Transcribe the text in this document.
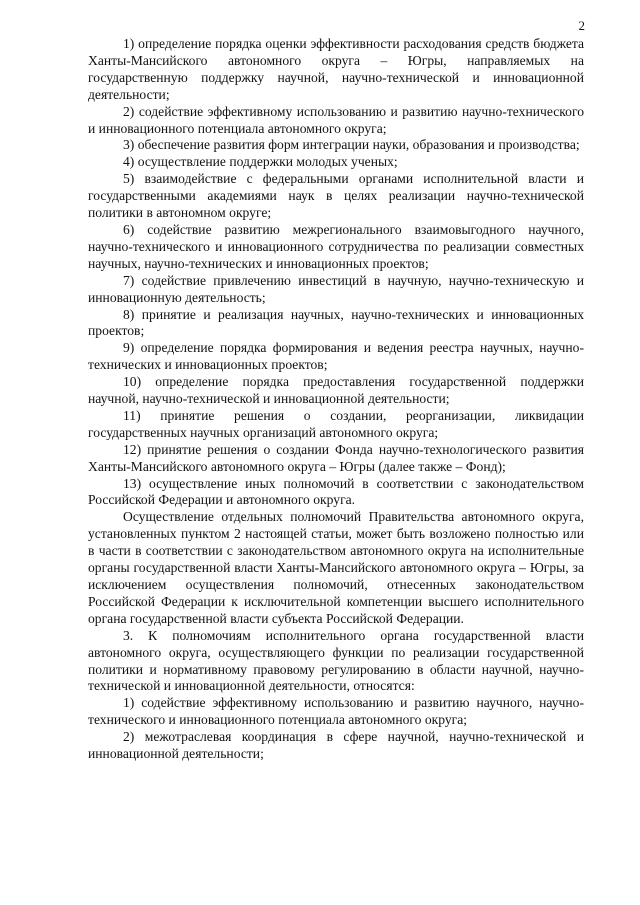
2

1) определение порядка оценки эффективности расходования средств бюджета Ханты-Мансийского автономного округа – Югры, направляемых на государственную поддержку научной, научно-технической и инновационной деятельности;

2) содействие эффективному использованию и развитию научно-технического и инновационного потенциала автономного округа;

3) обеспечение развития форм интеграции науки, образования и производства;

4) осуществление поддержки молодых ученых;

5) взаимодействие с федеральными органами исполнительной власти и государственными академиями наук в целях реализации научно-технической политики в автономном округе;

6) содействие развитию межрегионального взаимовыгодного научного, научно-технического и инновационного сотрудничества по реализации совместных научных, научно-технических и инновационных проектов;

7) содействие привлечению инвестиций в научную, научно-техническую и инновационную деятельность;

8) принятие и реализация научных, научно-технических и инновационных проектов;

9) определение порядка формирования и ведения реестра научных, научно-технических и инновационных проектов;

10) определение порядка предоставления государственной поддержки научной, научно-технической и инновационной деятельности;

11) принятие решения о создании, реорганизации, ликвидации государственных научных организаций автономного округа;

12) принятие решения о создании Фонда научно-технологического развития Ханты-Мансийского автономного округа – Югры (далее также – Фонд);

13) осуществление иных полномочий в соответствии с законодательством Российской Федерации и автономного округа.

Осуществление отдельных полномочий Правительства автономного округа, установленных пунктом 2 настоящей статьи, может быть возложено полностью или в части в соответствии с законодательством автономного округа на исполнительные органы государственной власти Ханты-Мансийского автономного округа – Югры, за исключением осуществления полномочий, отнесенных законодательством Российской Федерации к исключительной компетенции высшего исполнительного органа государственной власти субъекта Российской Федерации.

3. К полномочиям исполнительного органа государственной власти автономного округа, осуществляющего функции по реализации государственной политики и нормативному правовому регулированию в области научной, научно-технической и инновационной деятельности, относятся:

1) содействие эффективному использованию и развитию научного, научно-технического и инновационного потенциала автономного округа;

2) межотраслевая координация в сфере научной, научно-технической и инновационной деятельности;
